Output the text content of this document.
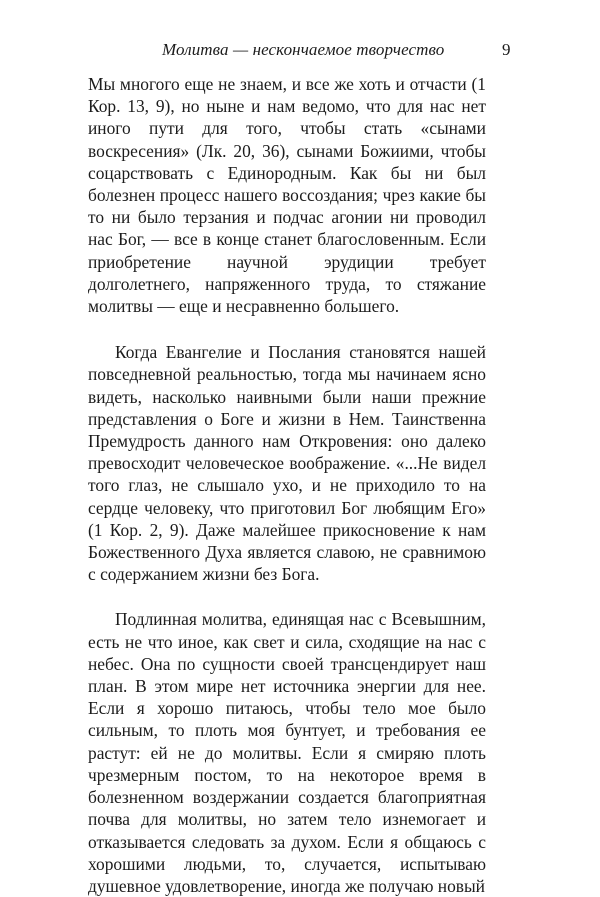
Молитва — нескончаемое творчество	9

Мы многого еще не знаем, и все же хоть и отчасти (1 Кор. 13, 9), но ныне и нам ведомо, что для нас нет иного пути для того, чтобы стать «сынами воскресения» (Лк. 20, 36), сынами Божиими, чтобы соцарствовать с Единородным. Как бы ни был болезнен процесс нашего воссоздания; чрез какие бы то ни было терзания и подчас агонии ни проводил нас Бог, — все в конце станет благословенным. Если приобретение научной эрудиции требует долголетнего, напряженного труда, то стяжание молитвы — еще и несравненно большего.

Когда Евангелие и Послания становятся нашей повседневной реальностью, тогда мы начинаем ясно видеть, насколько наивными были наши прежние представления о Боге и жизни в Нем. Таинственна Премудрость данного нам Откровения: оно далеко превосходит человеческое воображение. «...Не видел того глаз, не слышало ухо, и не приходило то на сердце человеку, что приготовил Бог любящим Его» (1 Кор. 2, 9). Даже малейшее прикосновение к нам Божественного Духа является славою, не сравнимою с содержанием жизни без Бога.

Подлинная молитва, единящая нас с Всевышним, есть не что иное, как свет и сила, сходящие на нас с небес. Она по сущности своей трансцендирует наш план. В этом мире нет источника энергии для нее. Если я хорошо питаюсь, чтобы тело мое было сильным, то плоть моя бунтует, и требования ее растут: ей не до молитвы. Если я смиряю плоть чрезмерным постом, то на некоторое время в болезненном воздержании создается благоприятная почва для молитвы, но затем тело изнемогает и отказывается следовать за духом. Если я общаюсь с хорошими людьми, то, случается, испытываю душевное удовлетворение, иногда же получаю новый
